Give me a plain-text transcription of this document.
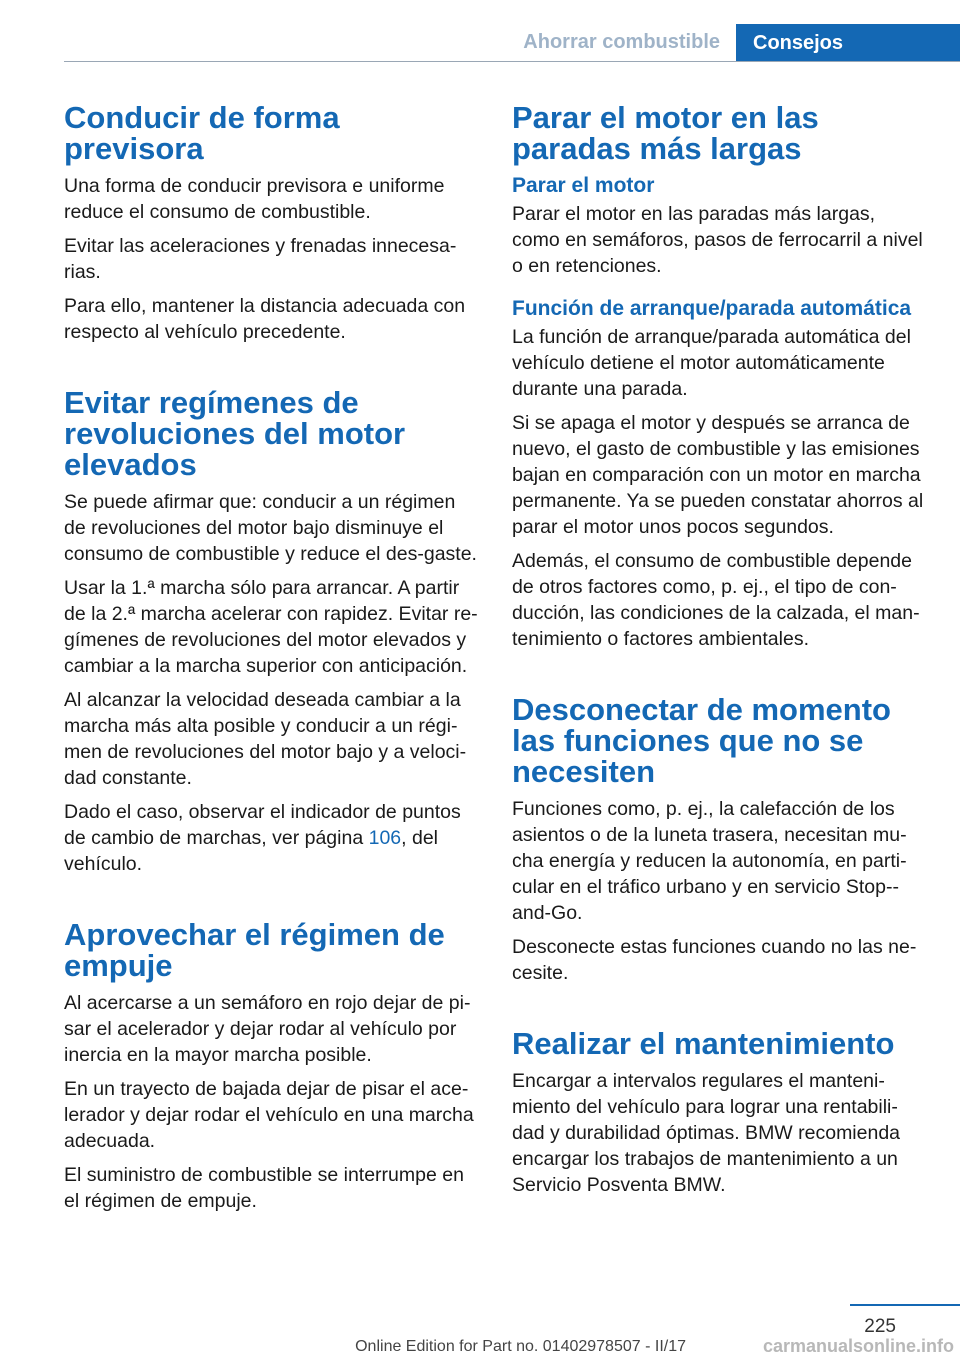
Ahorrar combustible	Consejos
Conducir de forma previsora
Una forma de conducir previsora e uniforme reduce el consumo de combustible.
Evitar las aceleraciones y frenadas innecesa-rias.
Para ello, mantener la distancia adecuada con respecto al vehículo precedente.
Evitar regímenes de revoluciones del motor elevados
Se puede afirmar que: conducir a un régimen de revoluciones del motor bajo disminuye el consumo de combustible y reduce el des-gaste.
Usar la 1.ª marcha sólo para arrancar. A partir de la 2.ª marcha acelerar con rapidez. Evitar re-gímenes de revoluciones del motor elevados y cambiar a la marcha superior con anticipación.
Al alcanzar la velocidad deseada cambiar a la marcha más alta posible y conducir a un régi-men de revoluciones del motor bajo y a veloci-dad constante.
Dado el caso, observar el indicador de puntos de cambio de marchas, ver página 106, del vehículo.
Aprovechar el régimen de empuje
Al acercarse a un semáforo en rojo dejar de pi-sar el acelerador y dejar rodar al vehículo por inercia en la mayor marcha posible.
En un trayecto de bajada dejar de pisar el ace-lerador y dejar rodar el vehículo en una marcha adecuada.
El suministro de combustible se interrumpe en el régimen de empuje.
Parar el motor en las paradas más largas
Parar el motor
Parar el motor en las paradas más largas, como en semáforos, pasos de ferrocarril a nivel o en retenciones.
Función de arranque/parada automática
La función de arranque/parada automática del vehículo detiene el motor automáticamente durante una parada.
Si se apaga el motor y después se arranca de nuevo, el gasto de combustible y las emisiones bajan en comparación con un motor en marcha permanente. Ya se pueden constatar ahorros al parar el motor unos pocos segundos.
Además, el consumo de combustible depende de otros factores como, p. ej., el tipo de con-ducción, las condiciones de la calzada, el man-tenimiento o factores ambientales.
Desconectar de momento las funciones que no se necesiten
Funciones como, p. ej., la calefacción de los asientos o de la luneta trasera, necesitan mu-cha energía y reducen la autonomía, en parti-cular en el tráfico urbano y en servicio Stop--and-Go.
Desconecte estas funciones cuando no las ne-cesite.
Realizar el mantenimiento
Encargar a intervalos regulares el manteni-miento del vehículo para lograr una rentabili-dad y durabilidad óptimas. BMW recomienda encargar los trabajos de mantenimiento a un Servicio Posventa BMW.
225
Online Edition for Part no. 01402978507 - II/17	carmanualsonline.info
